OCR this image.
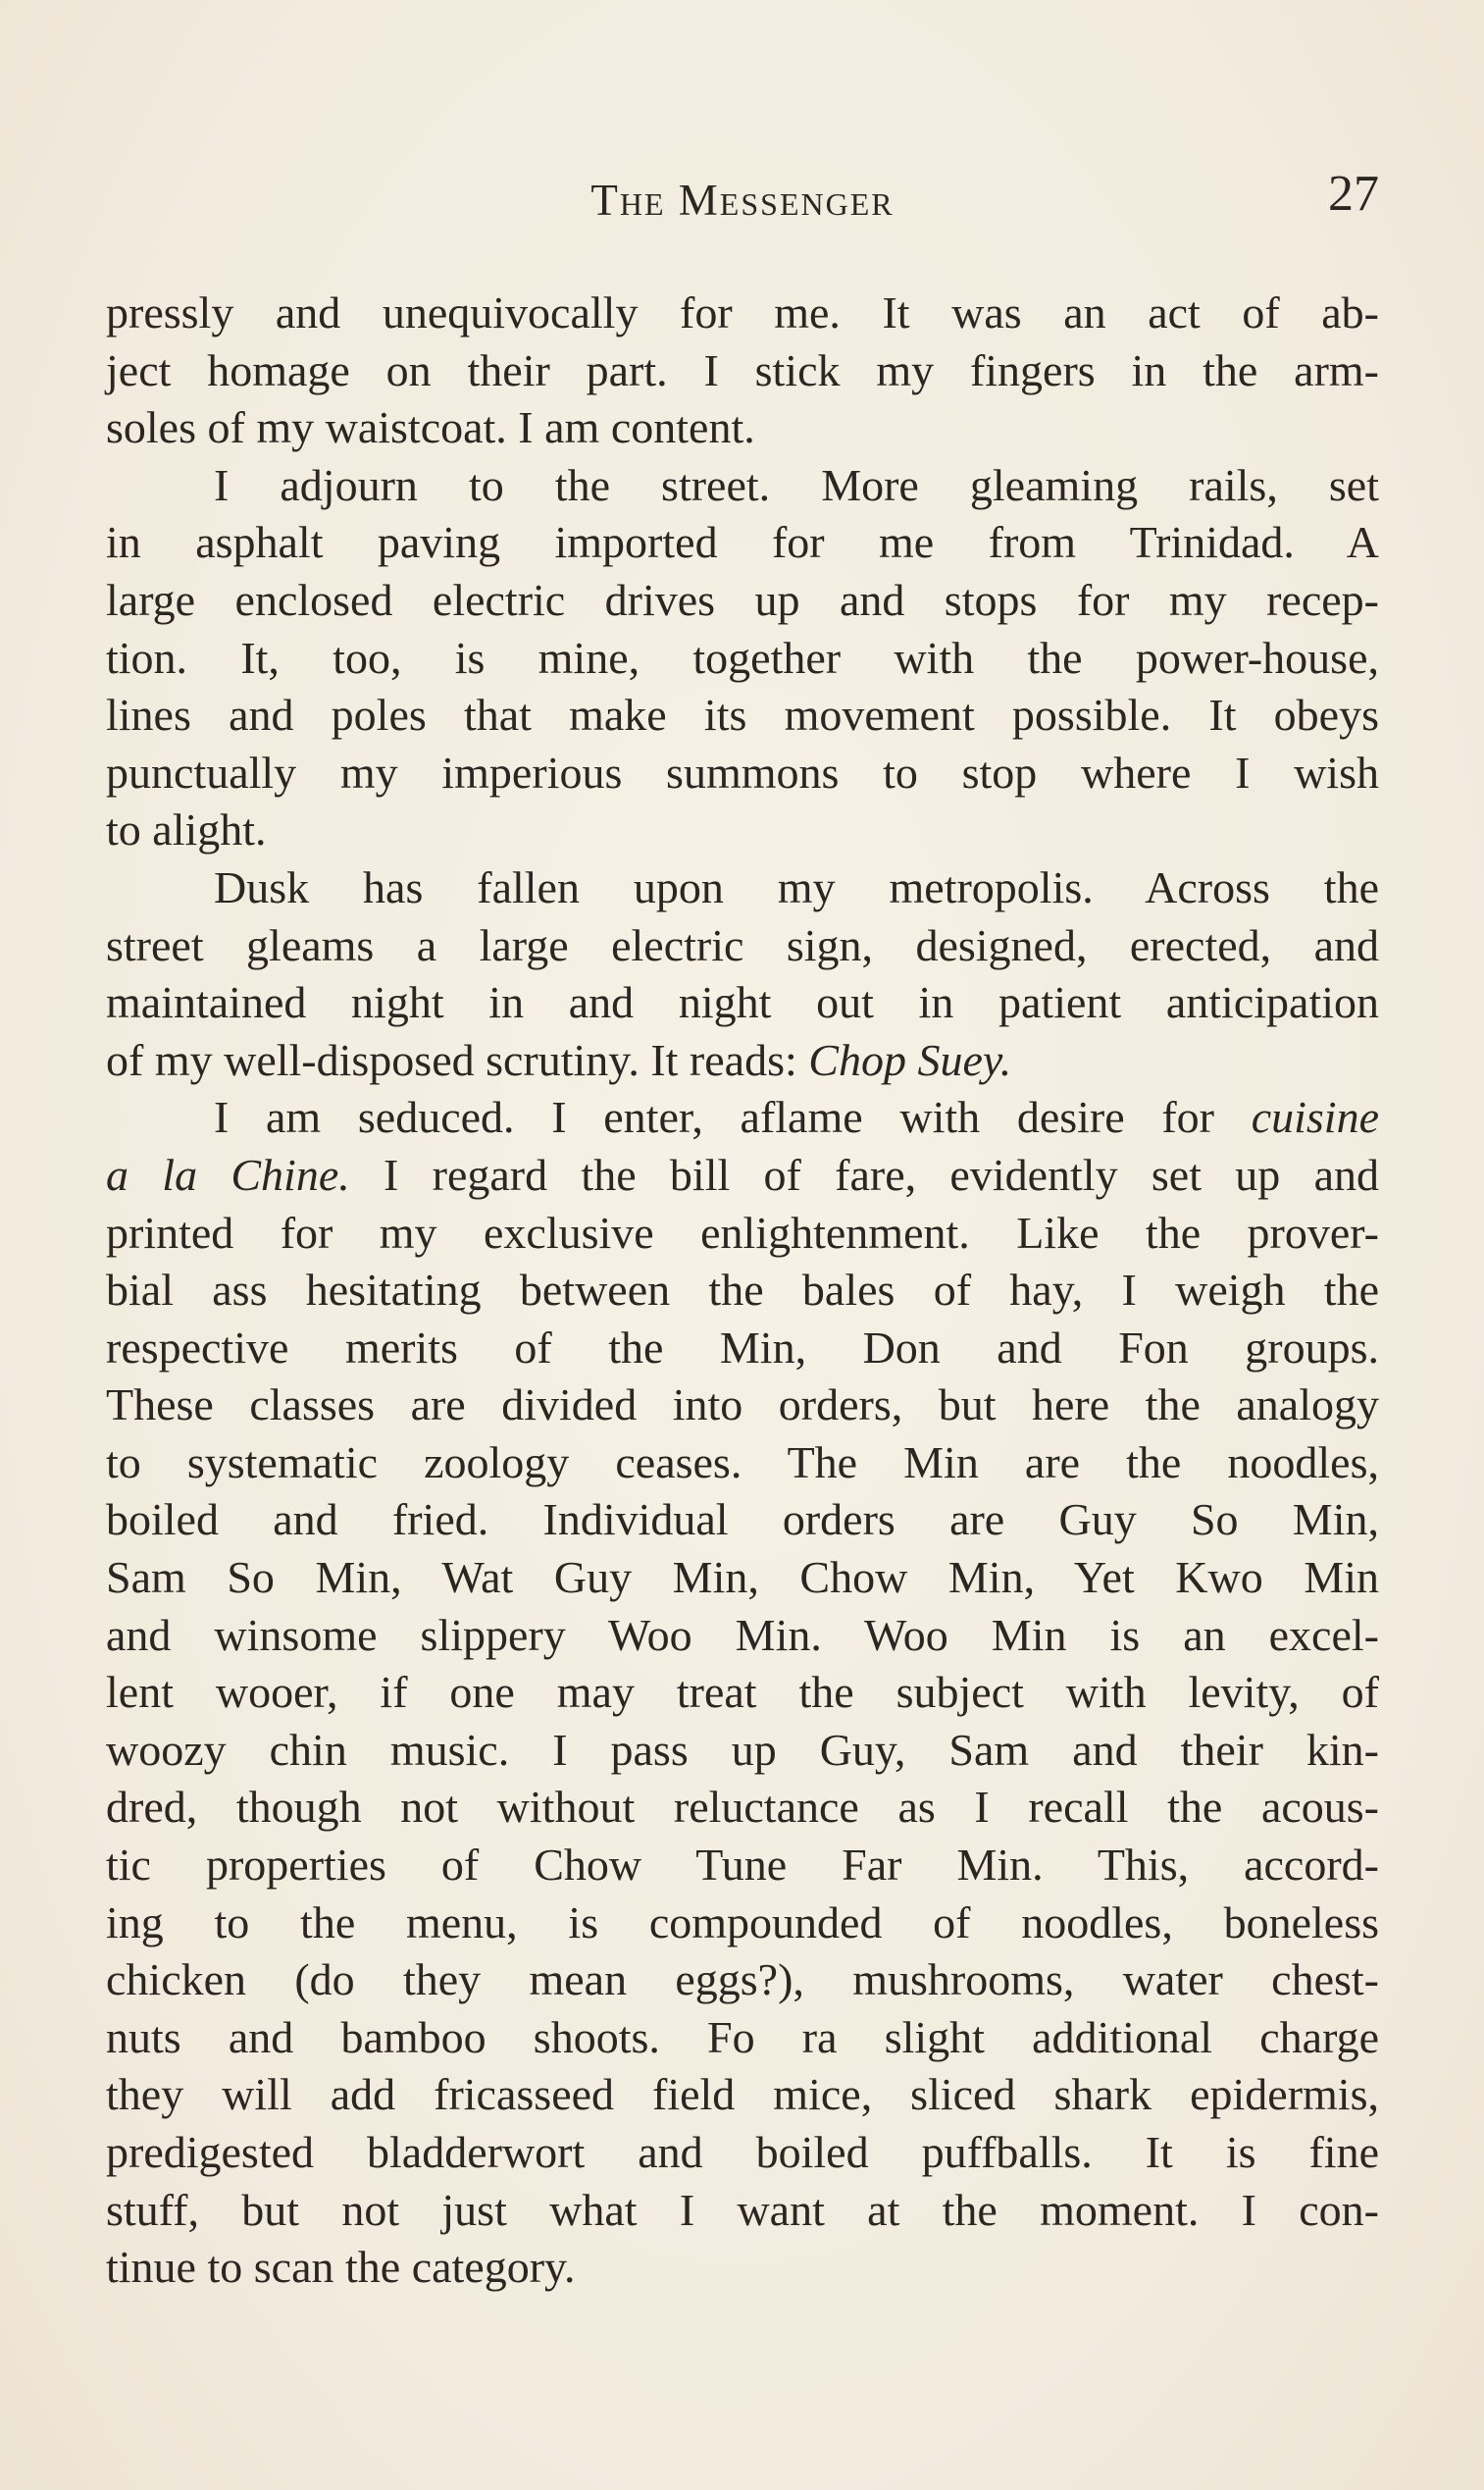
The Messenger	27
pressly and unequivocally for me. It was an act of ab-
ject homage on their part. I stick my fingers in the arm-
soles of my waistcoat. I am content.
I adjourn to the street. More gleaming rails, set
in asphalt paving imported for me from Trinidad. A
large enclosed electric drives up and stops for my recep-
tion. It, too, is mine, together with the power-house,
lines and poles that make its movement possible. It obeys
punctually my imperious summons to stop where I wish
to alight.
Dusk has fallen upon my metropolis. Across the
street gleams a large electric sign, designed, erected, and
maintained night in and night out in patient anticipation
of my well-disposed scrutiny. It reads: Chop Suey.
I am seduced. I enter, aflame with desire for cuisine
a la Chine. I regard the bill of fare, evidently set up and
printed for my exclusive enlightenment. Like the prover-
bial ass hesitating between the bales of hay, I weigh the
respective merits of the Min, Don and Fon groups.
These classes are divided into orders, but here the analogy
to systematic zoology ceases. The Min are the noodles,
boiled and fried. Individual orders are Guy So Min,
Sam So Min, Wat Guy Min, Chow Min, Yet Kwo Min
and winsome slippery Woo Min. Woo Min is an excel-
lent wooer, if one may treat the subject with levity, of
woozy chin music. I pass up Guy, Sam and their kin-
dred, though not without reluctance as I recall the acous-
tic properties of Chow Tune Far Min. This, accord-
ing to the menu, is compounded of noodles, boneless
chicken (do they mean eggs?), mushrooms, water chest-
nuts and bamboo shoots. Fo ra slight additional charge
they will add fricasseed field mice, sliced shark epidermis,
predigested bladderwort and boiled puffballs. It is fine
stuff, but not just what I want at the moment. I con-
tinue to scan the category.
